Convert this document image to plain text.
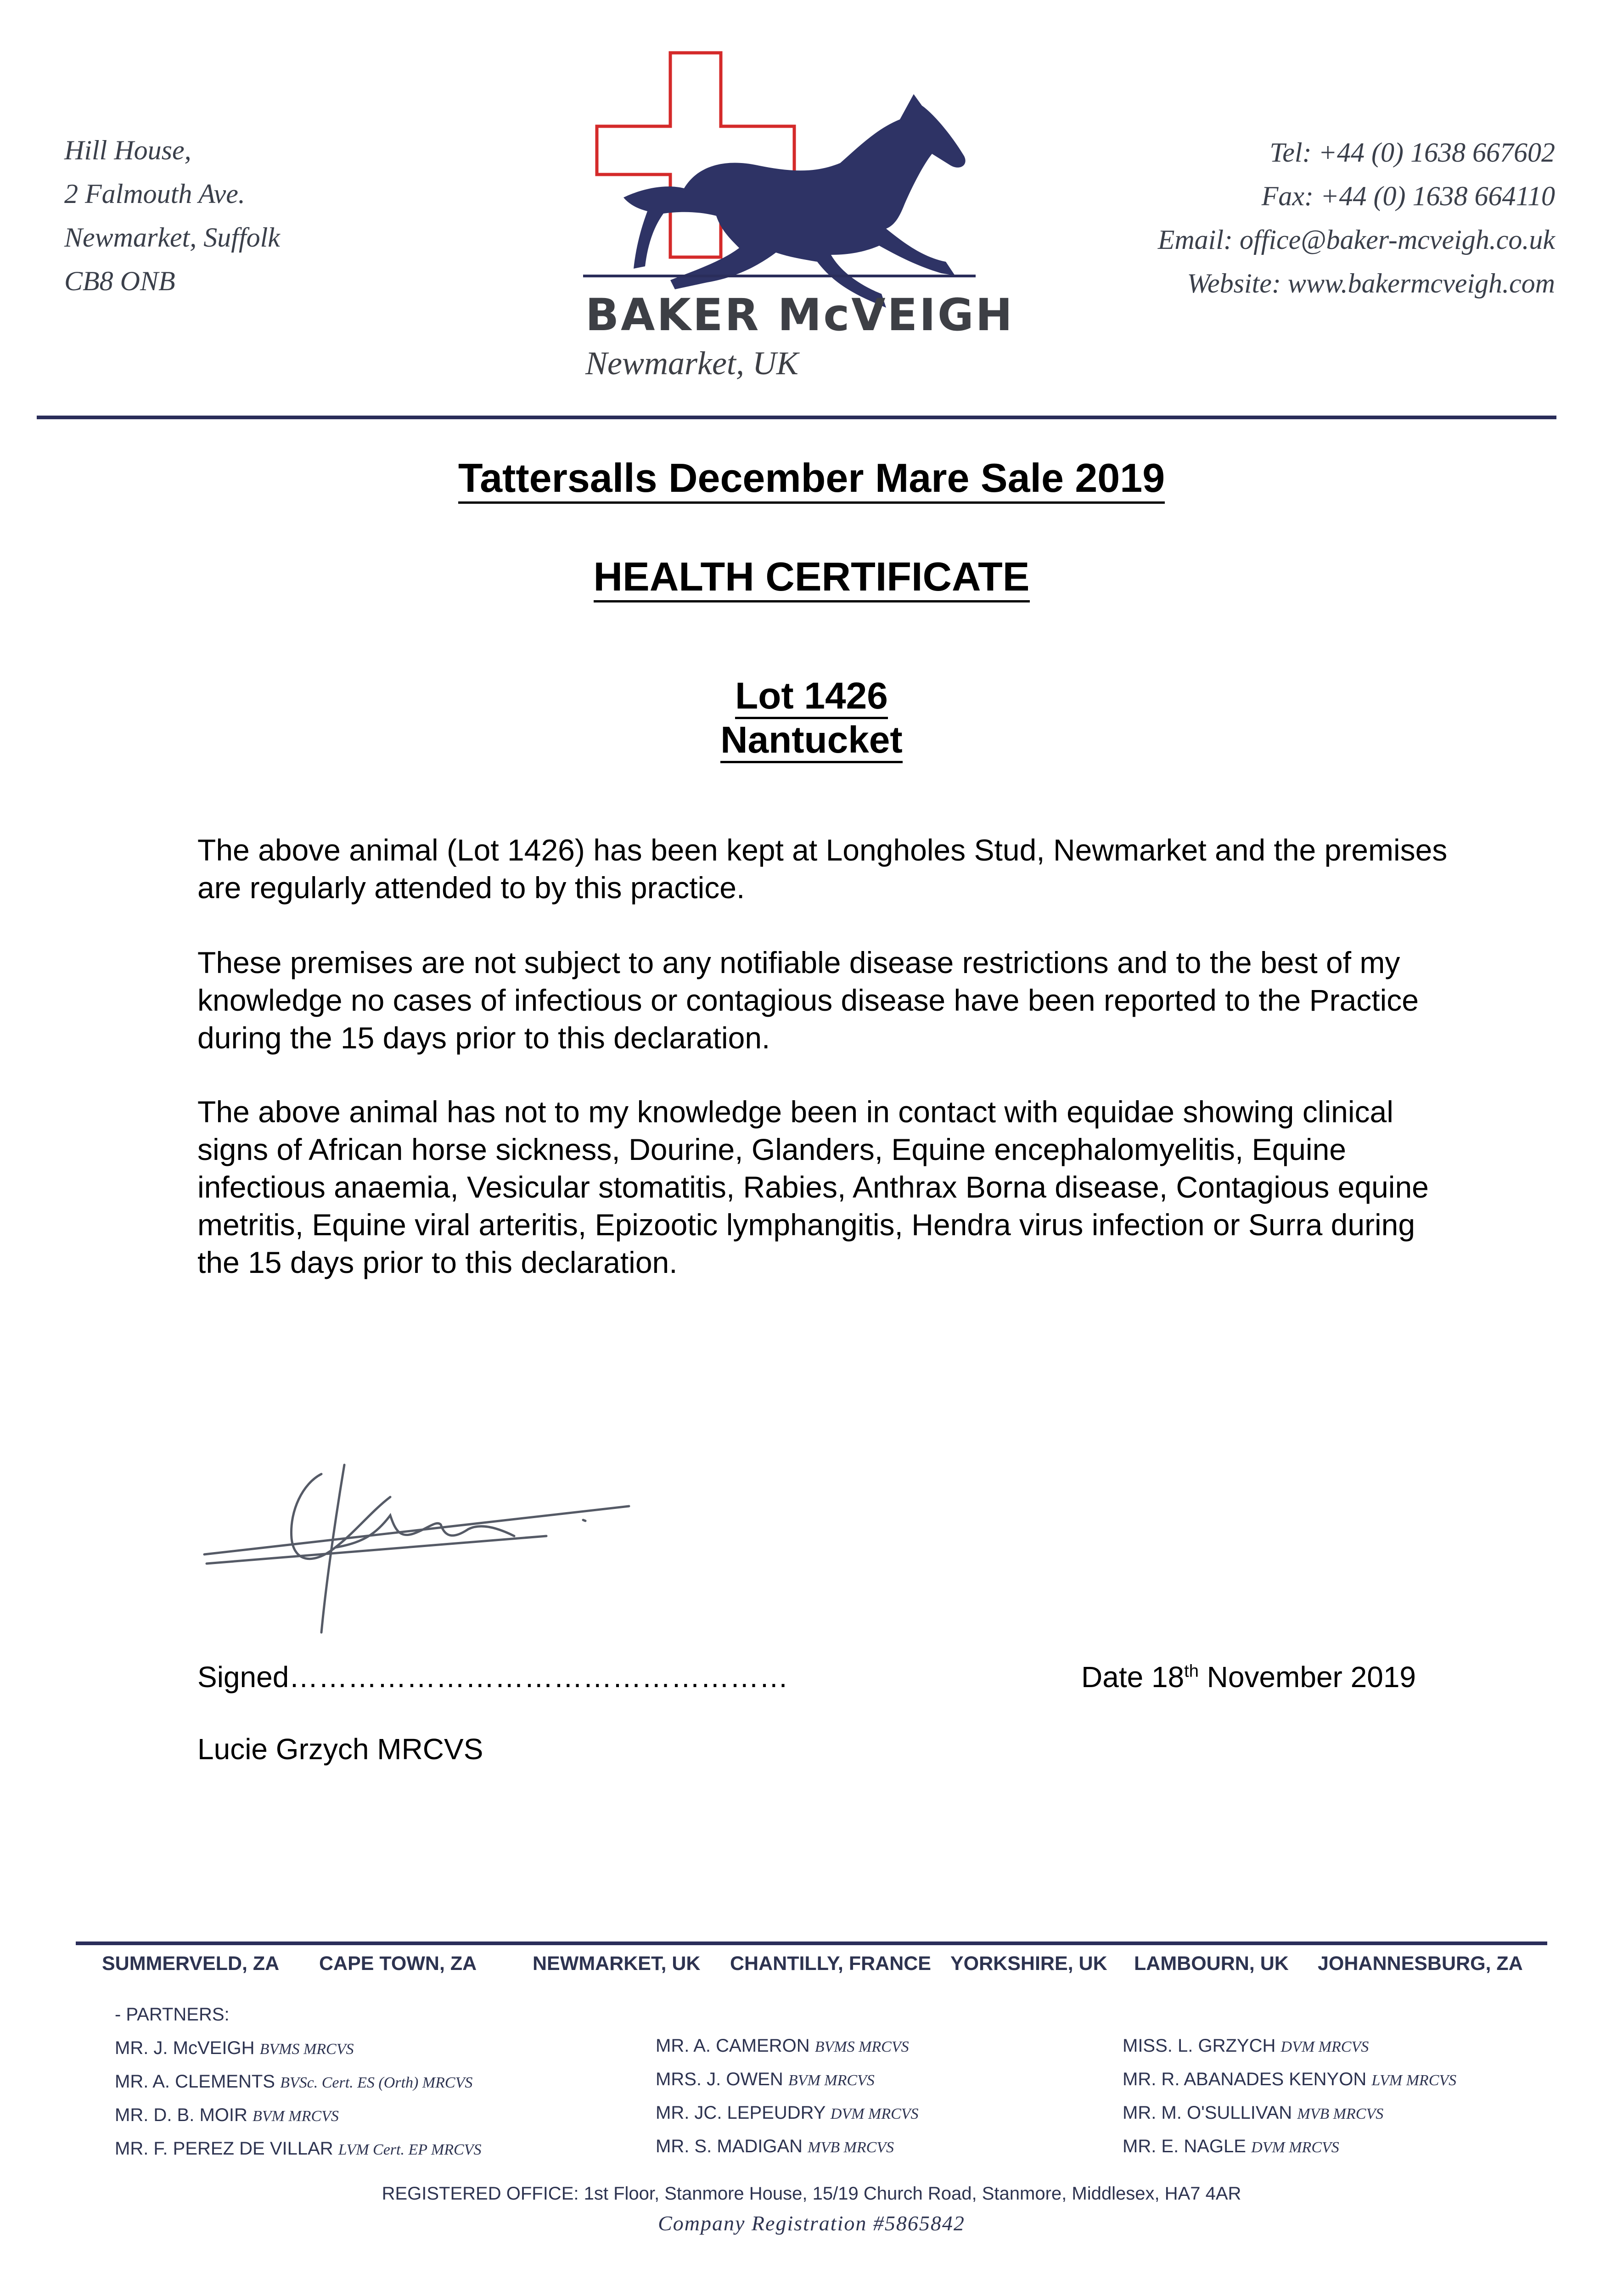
Hill House,
2 Falmouth Ave.
Newmarket, Suffolk
CB8 ONB
BAKER McVEIGH
Newmarket, UK
Tel: +44 (0) 1638 667602
Fax: +44 (0) 1638 664110
Email: office@baker-mcveigh.co.uk
Website: www.bakermcveigh.com
Tattersalls December Mare Sale 2019
HEALTH CERTIFICATE
Lot 1426
Nantucket
The above animal (Lot 1426) has been kept at Longholes Stud, Newmarket and the premises are regularly attended to by this practice.
These premises are not subject to any notifiable disease restrictions and to the best of my knowledge no cases of infectious or contagious disease have been reported to the Practice during the 15 days prior to this declaration.
The above animal has not to my knowledge been in contact with equidae showing clinical signs of African horse sickness, Dourine, Glanders, Equine encephalomyelitis, Equine infectious anaemia, Vesicular stomatitis, Rabies, Anthrax Borna disease, Contagious equine metritis, Equine viral arteritis, Epizootic lymphangitis, Hendra virus infection or Surra during the 15 days prior to this declaration.
Signed……………………………………………	Date 18th November 2019
Lucie Grzych MRCVS
SUMMERVELD, ZA CAPE TOWN, ZA	NEWMARKET, UK CHANTILLY, FRANCE YORKSHIRE, UK LAMBOURN, UK JOHANNESBURG, ZA
- PARTNERS:
MR. J. McVEIGH BVMS MRCVS
MR. A. CLEMENTS BVSc. Cert. ES (Orth) MRCVS
MR. D. B. MOIR BVM MRCVS
MR. F. PEREZ DE VILLAR LVM Cert. EP MRCVS
MR. A. CAMERON BVMS MRCVS
MRS. J. OWEN BVM MRCVS
MR. JC. LEPEUDRY DVM MRCVS
MR. S. MADIGAN MVB MRCVS
MISS. L. GRZYCH DVM MRCVS
MR. R. ABANADES KENYON LVM MRCVS
MR. M. O'SULLIVAN MVB MRCVS
MR. E. NAGLE DVM MRCVS
REGISTERED OFFICE: 1st Floor, Stanmore House, 15/19 Church Road, Stanmore, Middlesex, HA7 4AR
Company Registration #5865842
